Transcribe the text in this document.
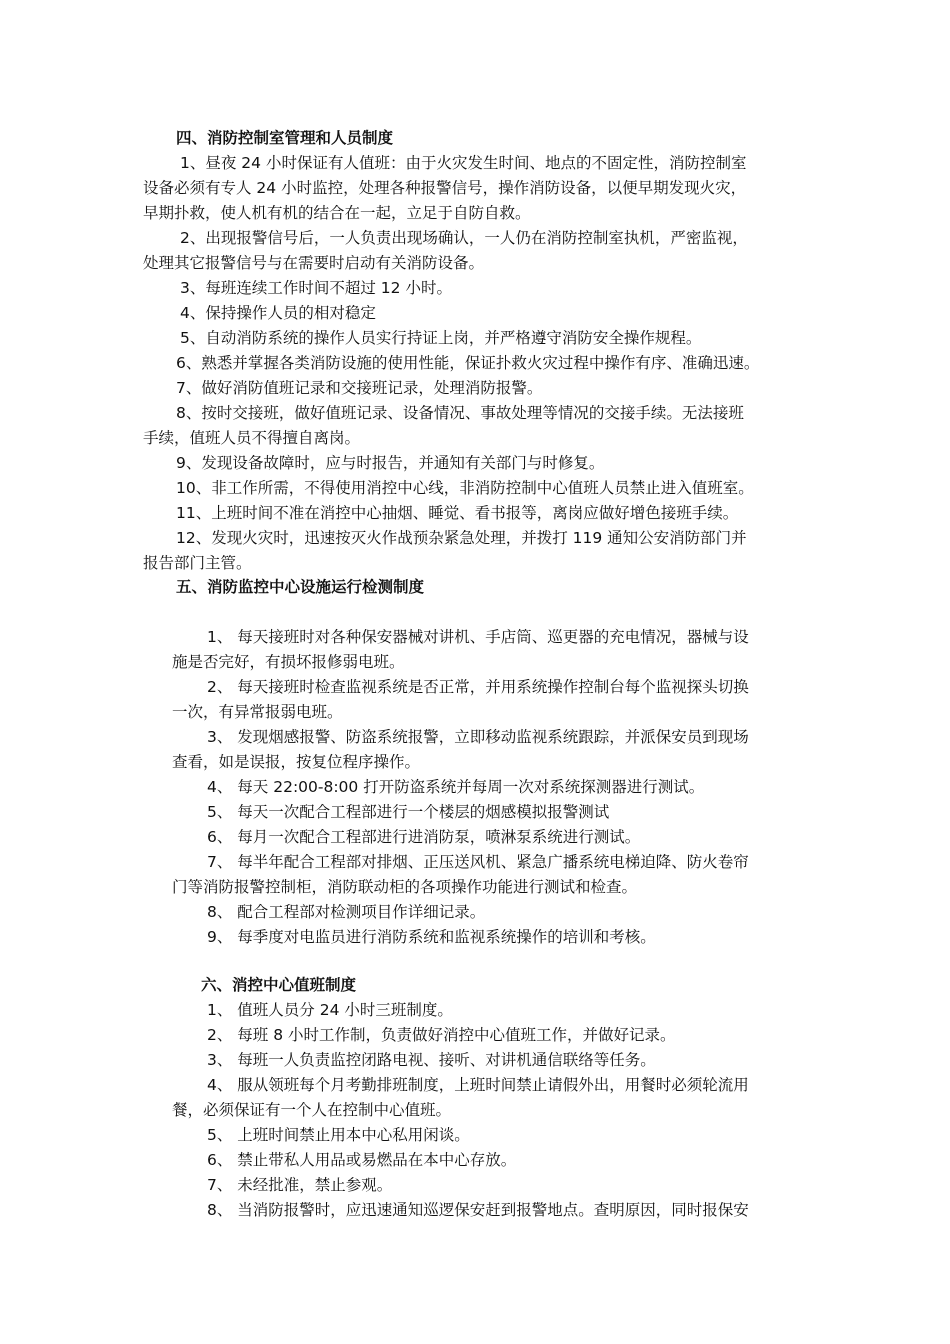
四、消防控制室管理和人员制度
1、昼夜 24 小时保证有人值班：由于火灾发生时间、地点的不固定性，消防控制室
设备必须有专人 24 小时监控，处理各种报警信号，操作消防设备，以便早期发现火灾，
早期扑救，使人机有机的结合在一起，立足于自防自救。
2、出现报警信号后，一人负责出现场确认，一人仍在消防控制室执机，严密监视，
处理其它报警信号与在需要时启动有关消防设备。
3、每班连续工作时间不超过 12 小时。
4、保持操作人员的相对稳定
5、自动消防系统的操作人员实行持证上岗，并严格遵守消防安全操作规程。
6、熟悉并掌握各类消防设施的使用性能，保证扑救火灾过程中操作有序、准确迅速。
7、做好消防值班记录和交接班记录，处理消防报警。
8、按时交接班，做好值班记录、设备情况、事故处理等情况的交接手续。无法接班
手续，值班人员不得擅自离岗。
9、发现设备故障时，应与时报告，并通知有关部门与时修复。
10、非工作所需，不得使用消控中心线，非消防控制中心值班人员禁止进入值班室。
11、上班时间不准在消控中心抽烟、睡觉、看书报等，离岗应做好增色接班手续。
12、发现火灾时，迅速按灭火作战预杂紧急处理，并拨打 119 通知公安消防部门并
报告部门主管。
五、消防监控中心设施运行检测制度
1、 每天接班时对各种保安器械对讲机、手店筒、巡更器的充电情况，器械与设
施是否完好，有损坏报修弱电班。
2、 每天接班时检查监视系统是否正常，并用系统操作控制台每个监视探头切换
一次，有异常报弱电班。
3、 发现烟感报警、防盗系统报警，立即移动监视系统跟踪，并派保安员到现场
查看，如是误报，按复位程序操作。
4、 每天 22:00-8:00 打开防盗系统并每周一次对系统探测器进行测试。
5、 每天一次配合工程部进行一个楼层的烟感模拟报警测试
6、 每月一次配合工程部进行进消防泵，喷淋泵系统进行测试。
7、 每半年配合工程部对排烟、正压送风机、紧急广播系统电梯迫降、防火卷帘
门等消防报警控制柜，消防联动柜的各项操作功能进行测试和检查。
8、 配合工程部对检测项目作详细记录。
9、 每季度对电监员进行消防系统和监视系统操作的培训和考核。
六、消控中心值班制度
1、 值班人员分 24 小时三班制度。
2、 每班 8 小时工作制，负责做好消控中心值班工作，并做好记录。
3、 每班一人负责监控闭路电视、接听、对讲机通信联络等任务。
4、 服从领班每个月考勤排班制度，上班时间禁止请假外出，用餐时必须轮流用
餐，必须保证有一个人在控制中心值班。
5、 上班时间禁止用本中心私用闲谈。
6、 禁止带私人用品或易燃品在本中心存放。
7、 未经批准，禁止参观。
8、 当消防报警时，应迅速通知巡逻保安赶到报警地点。查明原因，同时报保安
